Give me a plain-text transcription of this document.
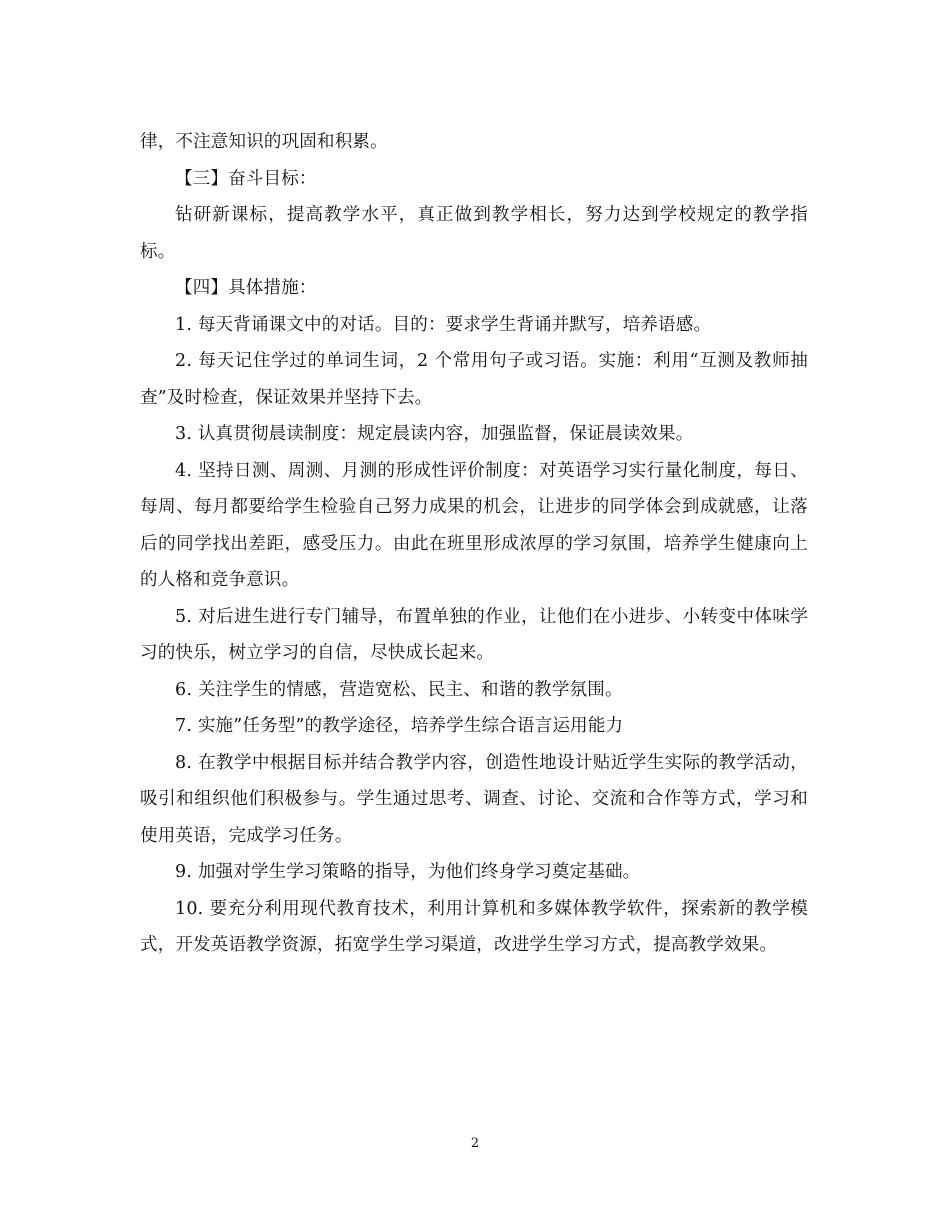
律，不注意知识的巩固和积累。

【三】奋斗目标：

钻研新课标，提高教学水平，真正做到教学相长，努力达到学校规定的教学指标。

【四】具体措施：

1. 每天背诵课文中的对话。目的：要求学生背诵并默写，培养语感。

2. 每天记住学过的单词生词，2 个常用句子或习语。实施：利用“互测及教师抽查”及时检查，保证效果并坚持下去。

3. 认真贯彻晨读制度：规定晨读内容，加强监督，保证晨读效果。

4. 坚持日测、周测、月测的形成性评价制度：对英语学习实行量化制度，每日、每周、每月都要给学生检验自己努力成果的机会，让进步的同学体会到成就感，让落后的同学找出差距，感受压力。由此在班里形成浓厚的学习氛围，培养学生健康向上的人格和竞争意识。

5. 对后进生进行专门辅导，布置单独的作业，让他们在小进步、小转变中体味学习的快乐，树立学习的自信，尽快成长起来。

6. 关注学生的情感，营造宽松、民主、和谐的教学氛围。

7. 实施”任务型”的教学途径，培养学生综合语言运用能力

8. 在教学中根据目标并结合教学内容，创造性地设计贴近学生实际的教学活动，吸引和组织他们积极参与。学生通过思考、调查、讨论、交流和合作等方式，学习和使用英语，完成学习任务。

9. 加强对学生学习策略的指导，为他们终身学习奠定基础。

10. 要充分利用现代教育技术，利用计算机和多媒体教学软件，探索新的教学模式，开发英语教学资源，拓宽学生学习渠道，改进学生学习方式，提高教学效果。

2
